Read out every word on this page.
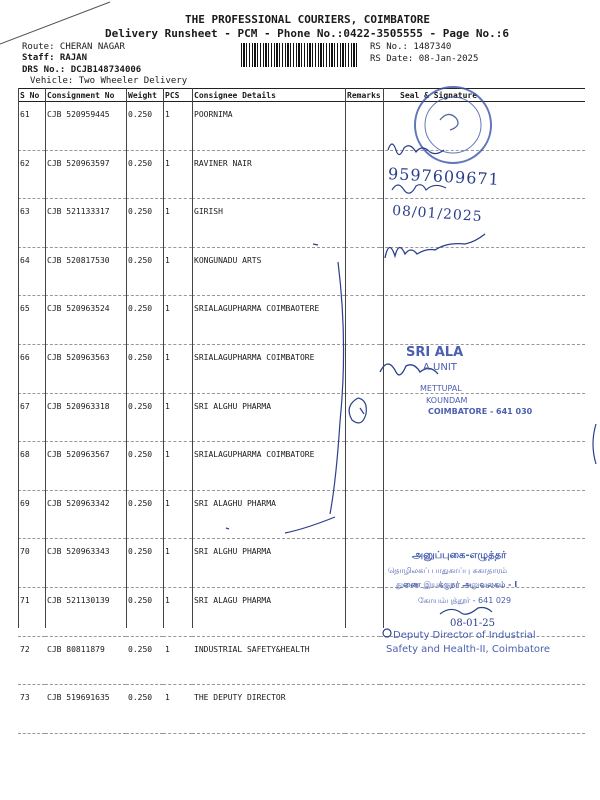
THE PROFESSIONAL COURIERS, COIMBATORE
Delivery Runsheet - PCM - Phone No.:0422-3505555 - Page No.:6
Route: CHERAN NAGAR
Staff: RAJAN
DRS No.: DCJB148734006
Vehicle: Two Wheeler Delivery
RS No.: 1487340
RS Date: 08-Jan-2025
S No	Consignment No	Weight	PCS	Consignee Details	Remarks	Seal & Signature
61	CJB 520959445	0.250	1	POORNIMA		
62	CJB 520963597	0.250	1	RAVINER NAIR		
63	CJB 521133317	0.250	1	GIRISH		
64	CJB 520817530	0.250	1	KONGUNADU ARTS		
65	CJB 520963524	0.250	1	SRIALAGUPHARMA COIMBAOTERE		
66	CJB 520963563	0.250	1	SRIALAGUPHARMA COIMBATORE		
67	CJB 520963318	0.250	1	SRI ALGHU PHARMA		
68	CJB 520963567	0.250	1	SRIALAGUPHARMA COIMBATORE		
69	CJB 520963342	0.250	1	SRI ALAGHU PHARMA		
70	CJB 520963343	0.250	1	SRI ALGHU PHARMA		
71	CJB 521130139	0.250	1	SRI ALAGU PHARMA		
72	CJB 80811879	0.250	1	INDUSTRIAL SAFETY&HEALTH		
73	CJB 519691635	0.250	1	THE DEPUTY DIRECTOR		
9597609671
08/01/2025
SRI ALA
A UNIT
METTUPAL
KOUNDAM
COIMBATORE - 641 030
அனுப்புகை-எழுத்தர்
தொழிலகப் பாதுகாப்பு சுகாதாரம்
துணை இயக்குநர் அலுவலகம் - I
கோயம்புத்தூர் - 641 029
08-01-25
Deputy Director of Industrial
Safety and Health-II, Coimbatore
